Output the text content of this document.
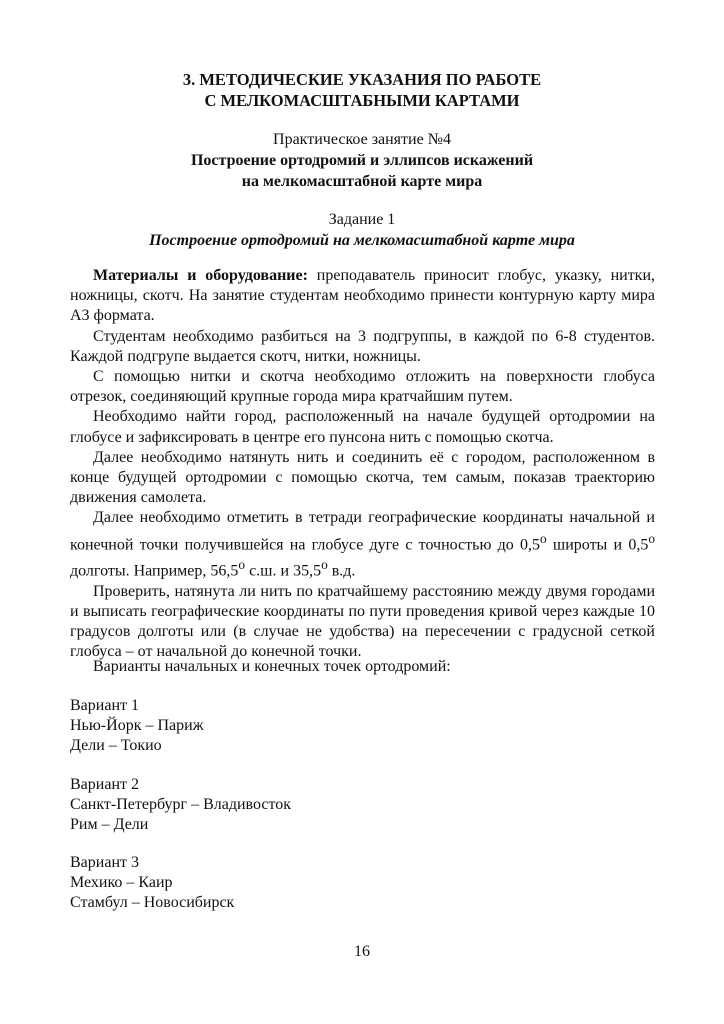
3. МЕТОДИЧЕСКИЕ УКАЗАНИЯ ПО РАБОТЕ
С МЕЛКОМАСШТАБНЫМИ КАРТАМИ
Практическое занятие №4
Построение ортодромий и эллипсов искажений
на мелкомасштабной карте мира
Задание 1
Построение ортодромий на мелкомасштабной карте мира

Материалы и оборудование: преподаватель приносит глобус, указку, нитки, ножницы, скотч. На занятие студентам необходимо принести контурную карту мира А3 формата.

Студентам необходимо разбиться на 3 подгруппы, в каждой по 6-8 студентов. Каждой подгрупе выдается скотч, нитки, ножницы.

С помощью нитки и скотча необходимо отложить на поверхности глобуса отрезок, соединяющий крупные города мира кратчайшим путем.

Необходимо найти город, расположенный на начале будущей ортодромии на глобусе и зафиксировать в центре его пунсона нить с помощью скотча.

Далее необходимо натянуть нить и соединить её с городом, расположенном в конце будущей ортодромии с помощью скотча, тем самым, показав траекторию движения самолета.

Далее необходимо отметить в тетради географические координаты начальной и конечной точки получившейся на глобусе дуге с точностью до 0,5$^o$ широты и 0,5$^o$ долготы. Например, 56,5$^o$ с.ш. и 35,5$^o$ в.д.

Проверить, натянута ли нить по кратчайшему расстоянию между двумя городами и выписать географические координаты по пути проведения кривой через каждые 10 градусов долготы или (в случае не удобства) на пересечении с градусной сеткой глобуса – от начальной до конечной точки.

Варианты начальных и конечных точек ортодромий:
Вариант 1
Нью-Йорк – Париж
Дели – Токио
Вариант 2
Санкт-Петербург – Владивосток
Рим – Дели
Вариант 3
Мехико – Каир
Стамбул – Новосибирск
16
